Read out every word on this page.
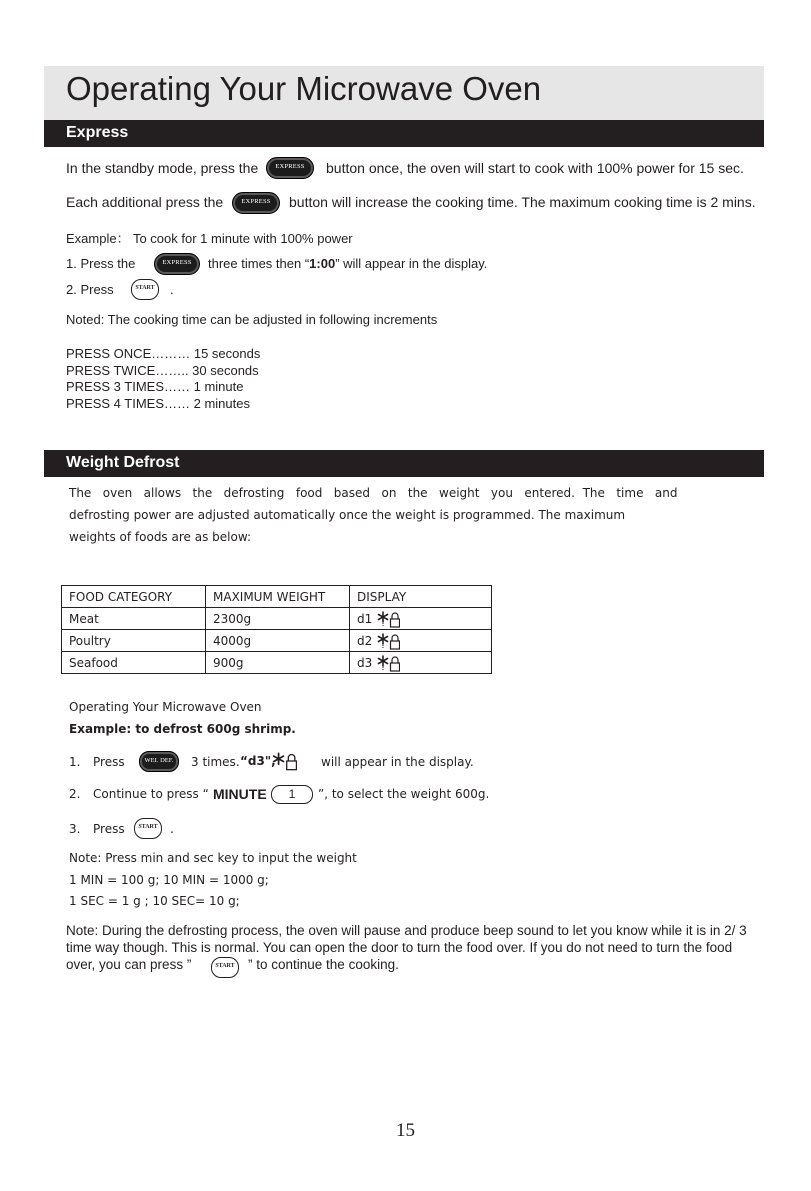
Operating Your Microwave Oven
Express
In the standby mode, press the	EXPRESS	button once, the oven will start to cook with 100% power for 15 sec.
Each additional press the	EXPRESS	button will increase the cooking time. The maximum cooking time is 2 mins.
Example： To cook for 1 minute with 100% power
1. Press the	EXPRESS	three times then “1:00” will appear in the display.
2. Press	START .
Noted: The cooking time can be adjusted in following increments
PRESS ONCE……… 15 seconds
PRESS TWICE…….. 30 seconds
PRESS 3 TIMES…… 1 minute
PRESS 4 TIMES…… 2 minutes
Weight Defrost
The   oven   allows   the   defrosting   food   based   on   the   weight   you   entered.  The   time   and
defrosting power are adjusted automatically once the weight is programmed. The maximum
weights of foods are as below:
FOOD CATEGORY	MAXIMUM WEIGHT	DISPLAY
Meat	2300g	d1

Poultry	4000g	d2

Seafood	900g	d3
Operating Your Microwave Oven
Example: to defrost 600g shrimp.
1. Press	WEI. DEF.	3 times. “d3",	will appear in the display.
2. Continue to press “ MINUTE	1	”, to select the weight 600g.
3. Press	START .
Note: Press min and sec key to input the weight
1 MIN = 100 g; 10 MIN = 1000 g;
1 SEC = 1 g ; 10 SEC= 10 g;
Note: During the defrosting process, the oven will pause and produce beep sound to let you know while it is in 2/ 3
time way though. This is normal. You can open the door to turn the food over. If you do not need to turn the food
over, you can press ”	START ” to continue the cooking.
15
